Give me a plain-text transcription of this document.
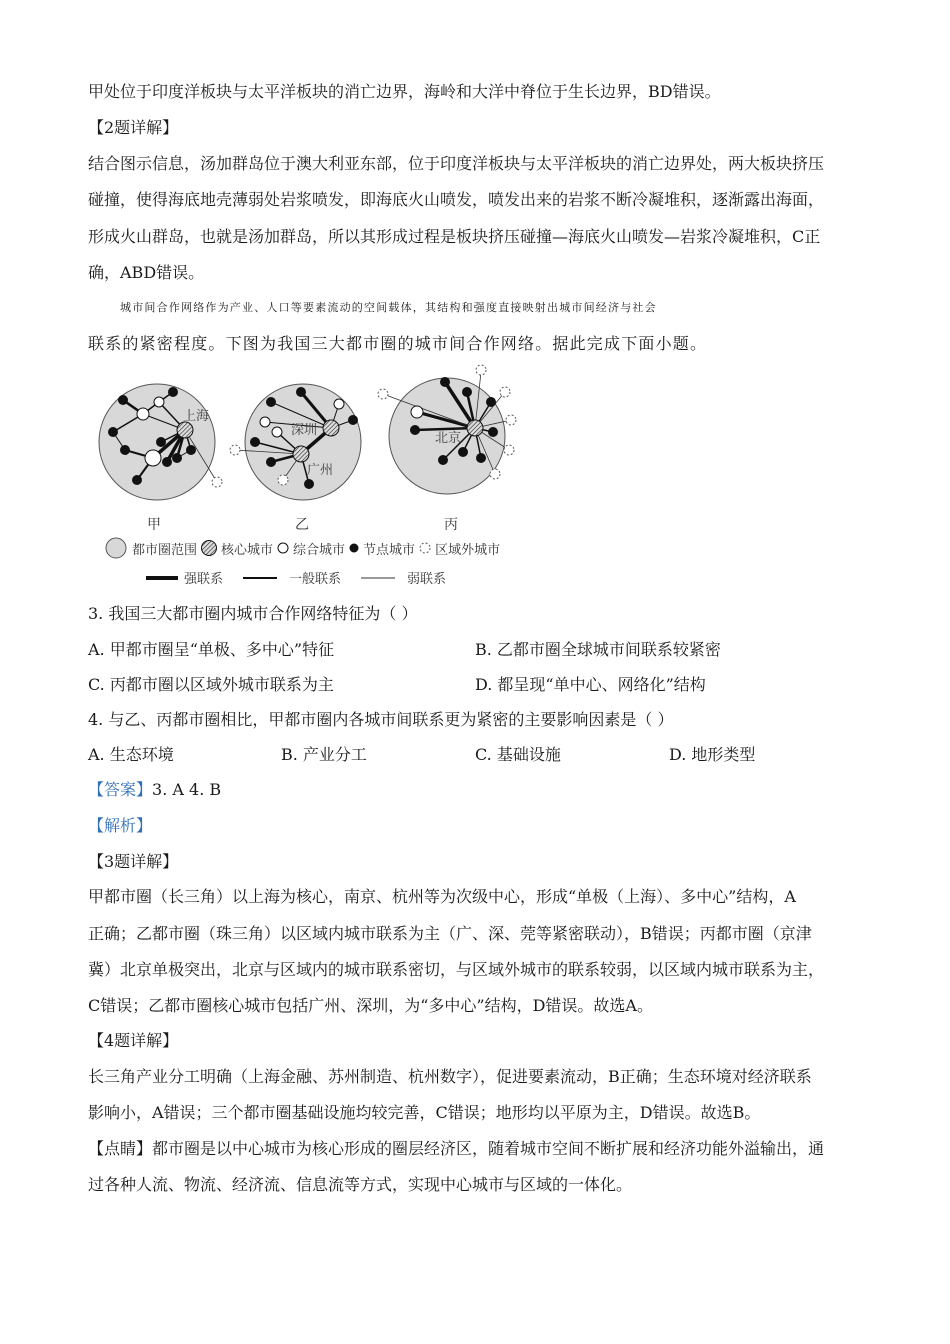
甲处位于印度洋板块与太平洋板块的消亡边界，海岭和大洋中脊位于生长边界，BD错误。
【2题详解】
结合图示信息，汤加群岛位于澳大利亚东部，位于印度洋板块与太平洋板块的消亡边界处，两大板块挤压
碰撞，使得海底地壳薄弱处岩浆喷发，即海底火山喷发，喷发出来的岩浆不断冷凝堆积，逐渐露出海面，
形成火山群岛，也就是汤加群岛，所以其形成过程是板块挤压碰撞—海底火山喷发—岩浆冷凝堆积，C正
确，ABD错误。
城市间合作网络作为产业、人口等要素流动的空间载体，其结构和强度直接映射出城市间经济与社会
联系的紧密程度。下图为我国三大都市圈的城市间合作网络。据此完成下面小题。
上海
深圳
广州
北京
甲	乙	丙
都市圈范围 核心城市 综合城市 节点城市 区域外城市
强联系	一般联系	弱联系
3. 我国三大都市圈内城市合作网络特征为（ ）
A. 甲都市圈呈“单极、多中心”特征	B. 乙都市圈全球城市间联系较紧密
C. 丙都市圈以区域外城市联系为主	D. 都呈现“单中心、网络化”结构
4. 与乙、丙都市圈相比，甲都市圈内各城市间联系更为紧密的主要影响因素是（ ）
A. 生态环境	B. 产业分工	C. 基础设施	D. 地形类型
【答案】3. A 4. B
【解析】
【3题详解】
甲都市圈（长三角）以上海为核心，南京、杭州等为次级中心，形成“单极（上海）、多中心”结构，A
正确；乙都市圈（珠三角）以区域内城市联系为主（广、深、莞等紧密联动），B错误；丙都市圈（京津
冀）北京单极突出，北京与区域内的城市联系密切，与区域外城市的联系较弱，以区域内城市联系为主，
C错误；乙都市圈核心城市包括广州、深圳，为“多中心”结构，D错误。故选A。
【4题详解】
长三角产业分工明确（上海金融、苏州制造、杭州数字），促进要素流动，B正确；生态环境对经济联系
影响小，A错误；三个都市圈基础设施均较完善，C错误；地形均以平原为主，D错误。故选B。
【点睛】都市圈是以中心城市为核心形成的圈层经济区，随着城市空间不断扩展和经济功能外溢输出，通
过各种人流、物流、经济流、信息流等方式，实现中心城市与区域的一体化。
